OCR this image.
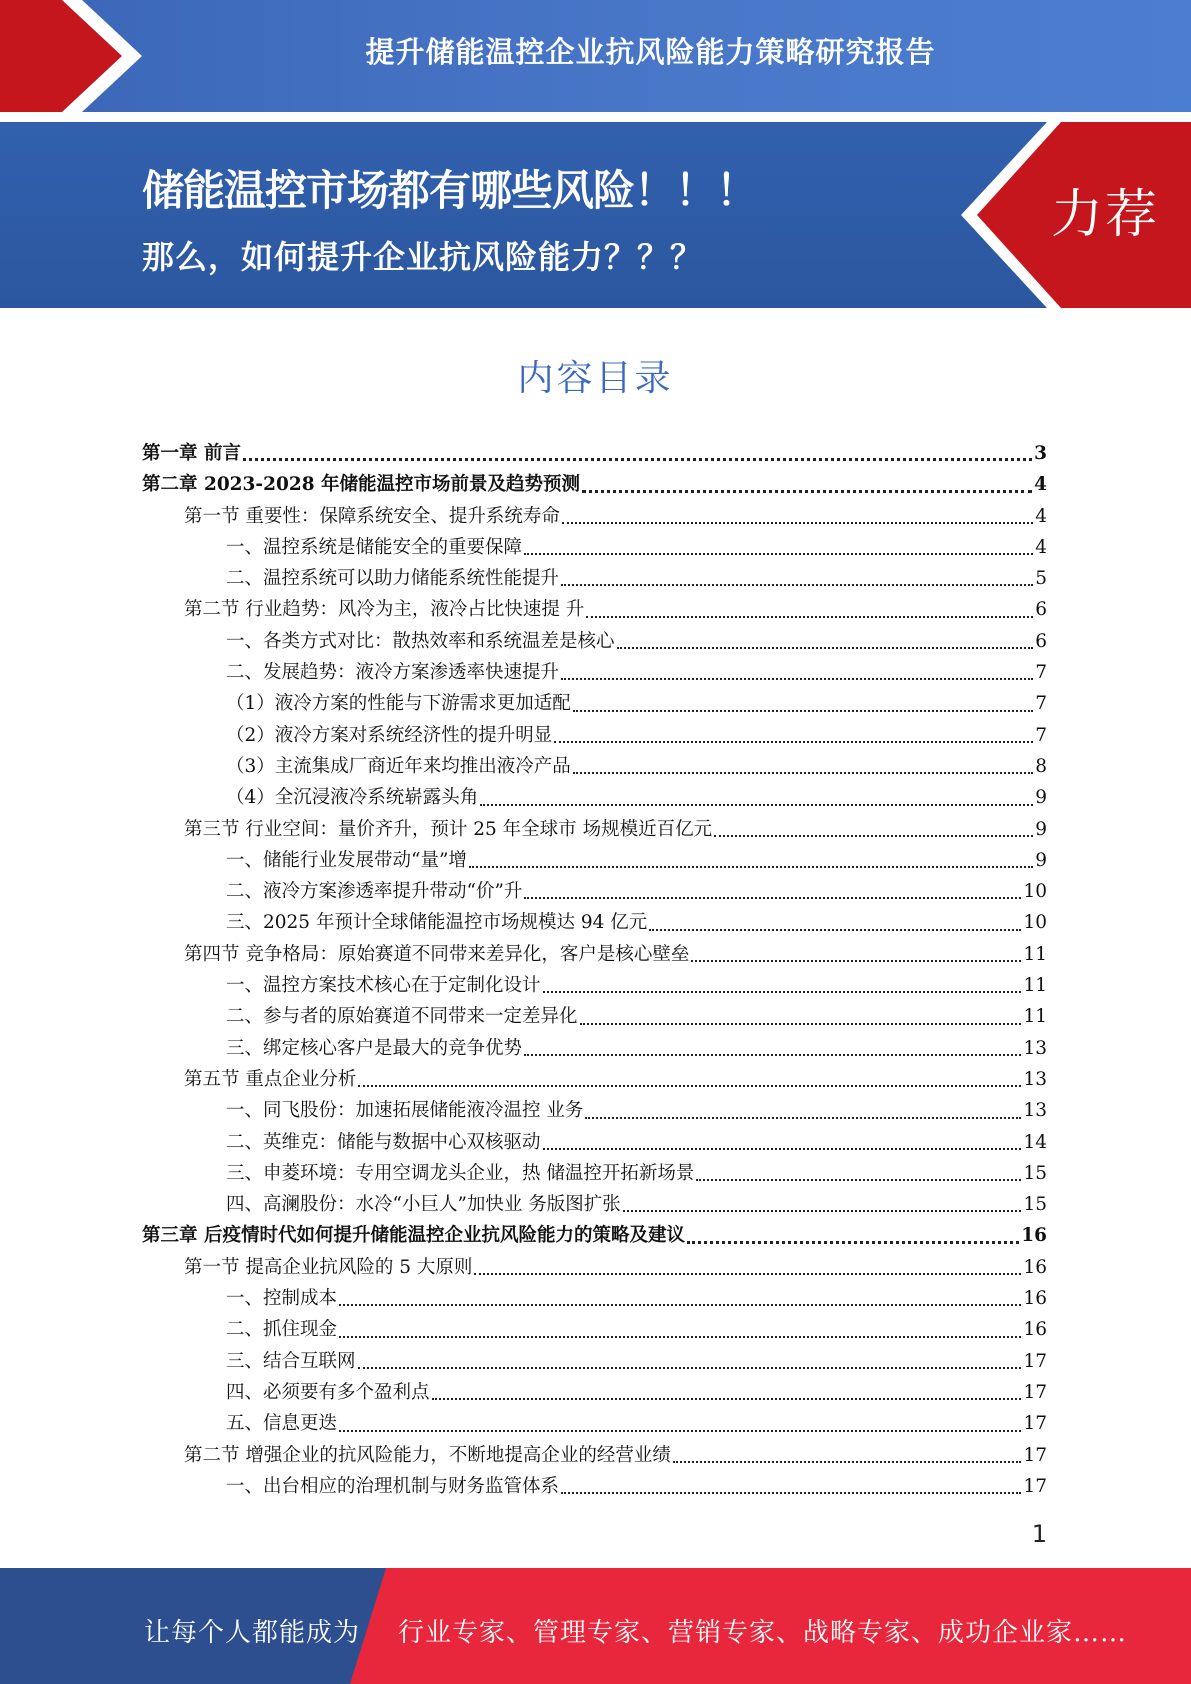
提升储能温控企业抗风险能力策略研究报告
储能温控市场都有哪些风险！！！
那么，如何提升企业抗风险能力？？？
力荐
内容目录
第一章 前言	3
第二章 2023-2028 年储能温控市场前景及趋势预测	4
第一节 重要性：保障系统安全、提升系统寿命	4
一、温控系统是储能安全的重要保障	4
二、温控系统可以助力储能系统性能提升	5
第二节 行业趋势：风冷为主，液冷占比快速提 升	6
一、各类方式对比：散热效率和系统温差是核心	6
二、发展趋势：液冷方案渗透率快速提升	7
（1）液冷方案的性能与下游需求更加适配	7
（2）液冷方案对系统经济性的提升明显	7
（3）主流集成厂商近年来均推出液冷产品	8
（4）全沉浸液冷系统崭露头角	9
第三节 行业空间：量价齐升，预计 25 年全球市 场规模近百亿元	9
一、储能行业发展带动“量”增	9
二、液冷方案渗透率提升带动“价”升	10
三、2025 年预计全球储能温控市场规模达 94 亿元	10
第四节 竞争格局：原始赛道不同带来差异化，客户是核心壁垒	11
一、温控方案技术核心在于定制化设计	11
二、参与者的原始赛道不同带来一定差异化	11
三、绑定核心客户是最大的竞争优势	13
第五节 重点企业分析	13
一、同飞股份：加速拓展储能液冷温控 业务	13
二、英维克：储能与数据中心双核驱动	14
三、申菱环境：专用空调龙头企业，热 储温控开拓新场景	15
四、高澜股份：水冷“小巨人”加快业 务版图扩张	15
第三章 后疫情时代如何提升储能温控企业抗风险能力的策略及建议	16
第一节 提高企业抗风险的 5 大原则	16
一、控制成本	16
二、抓住现金	16
三、结合互联网	17
四、必须要有多个盈利点	17
五、信息更迭	17
第二节 增强企业的抗风险能力，不断地提高企业的经营业绩	17
一、出台相应的治理机制与财务监管体系	17
1
让每个人都能成为 行业专家、管理专家、营销专家、战略专家、成功企业家……
